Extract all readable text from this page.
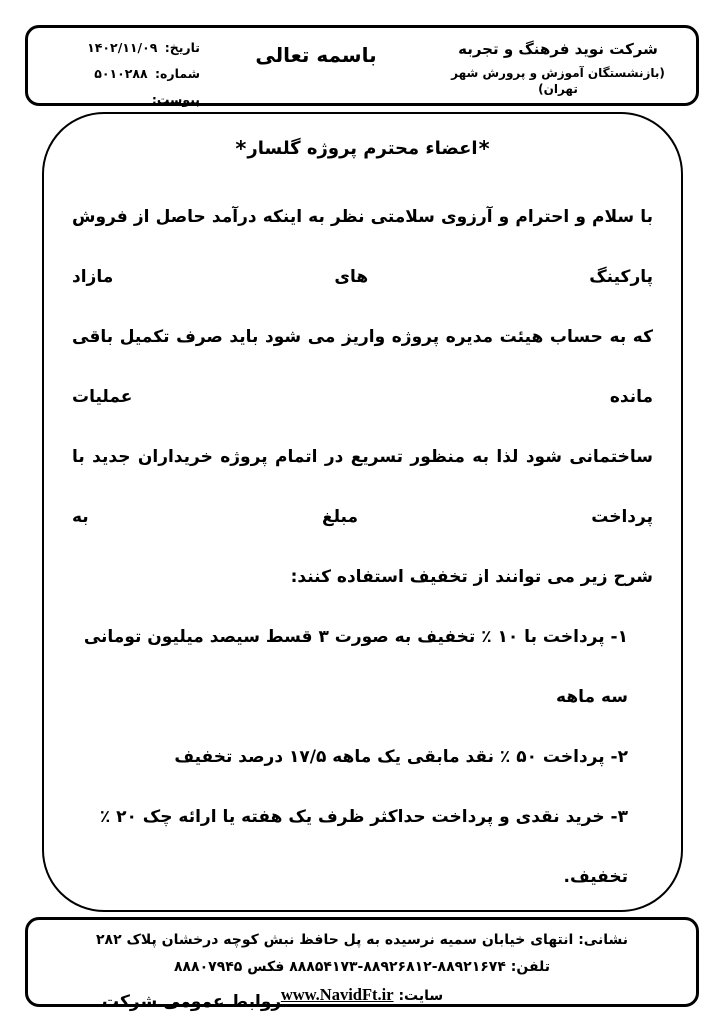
شرکت نوید فرهنگ و تجربه
(بازنشستگان آموزش و پرورش شهر تهران)
باسمه تعالی
تاریخ: ۱۴۰۲/۱۱/۰۹
شماره: ۵۰۱۰۲۸۸
پیوست:
*اعضاء محترم پروژه گلسار*
با سلام و احترام و آرزوی سلامتی نظر به اینکه درآمد حاصل از فروش پارکینگ های مازاد
که به حساب هیئت مدیره پروژه واریز می شود باید صرف تکمیل باقی مانده عملیات
ساختمانی شود لذا به منظور تسریع در اتمام پروژه خریداران جدید با پرداخت مبلغ به
شرح زیر می توانند از تخفیف استفاده کنند:
۱- پرداخت با ۱۰ ٪ تخفیف به صورت ۳ قسط سیصد میلیون تومانی سه ماهه
۲- پرداخت ۵۰ ٪ نقد مابقی یک ماهه ۱۷/۵ درصد تخفیف
۳- خرید نقدی و پرداخت حداکثر ظرف یک هفته یا ارائه چک ۲۰ ٪ تخفیف.
روابط عمومی شرکت
نشانی: انتهای خیابان سمیه نرسیده به پل حافظ نبش کوچه درخشان پلاک ۲۸۲
تلفن: ۸۸۹۲۱۶۷۴-۸۸۹۲۶۸۱۲-۸۸۸۵۴۱۷۳ فکس ۸۸۸۰۷۹۴۵
سایت: www.NavidFt.ir
